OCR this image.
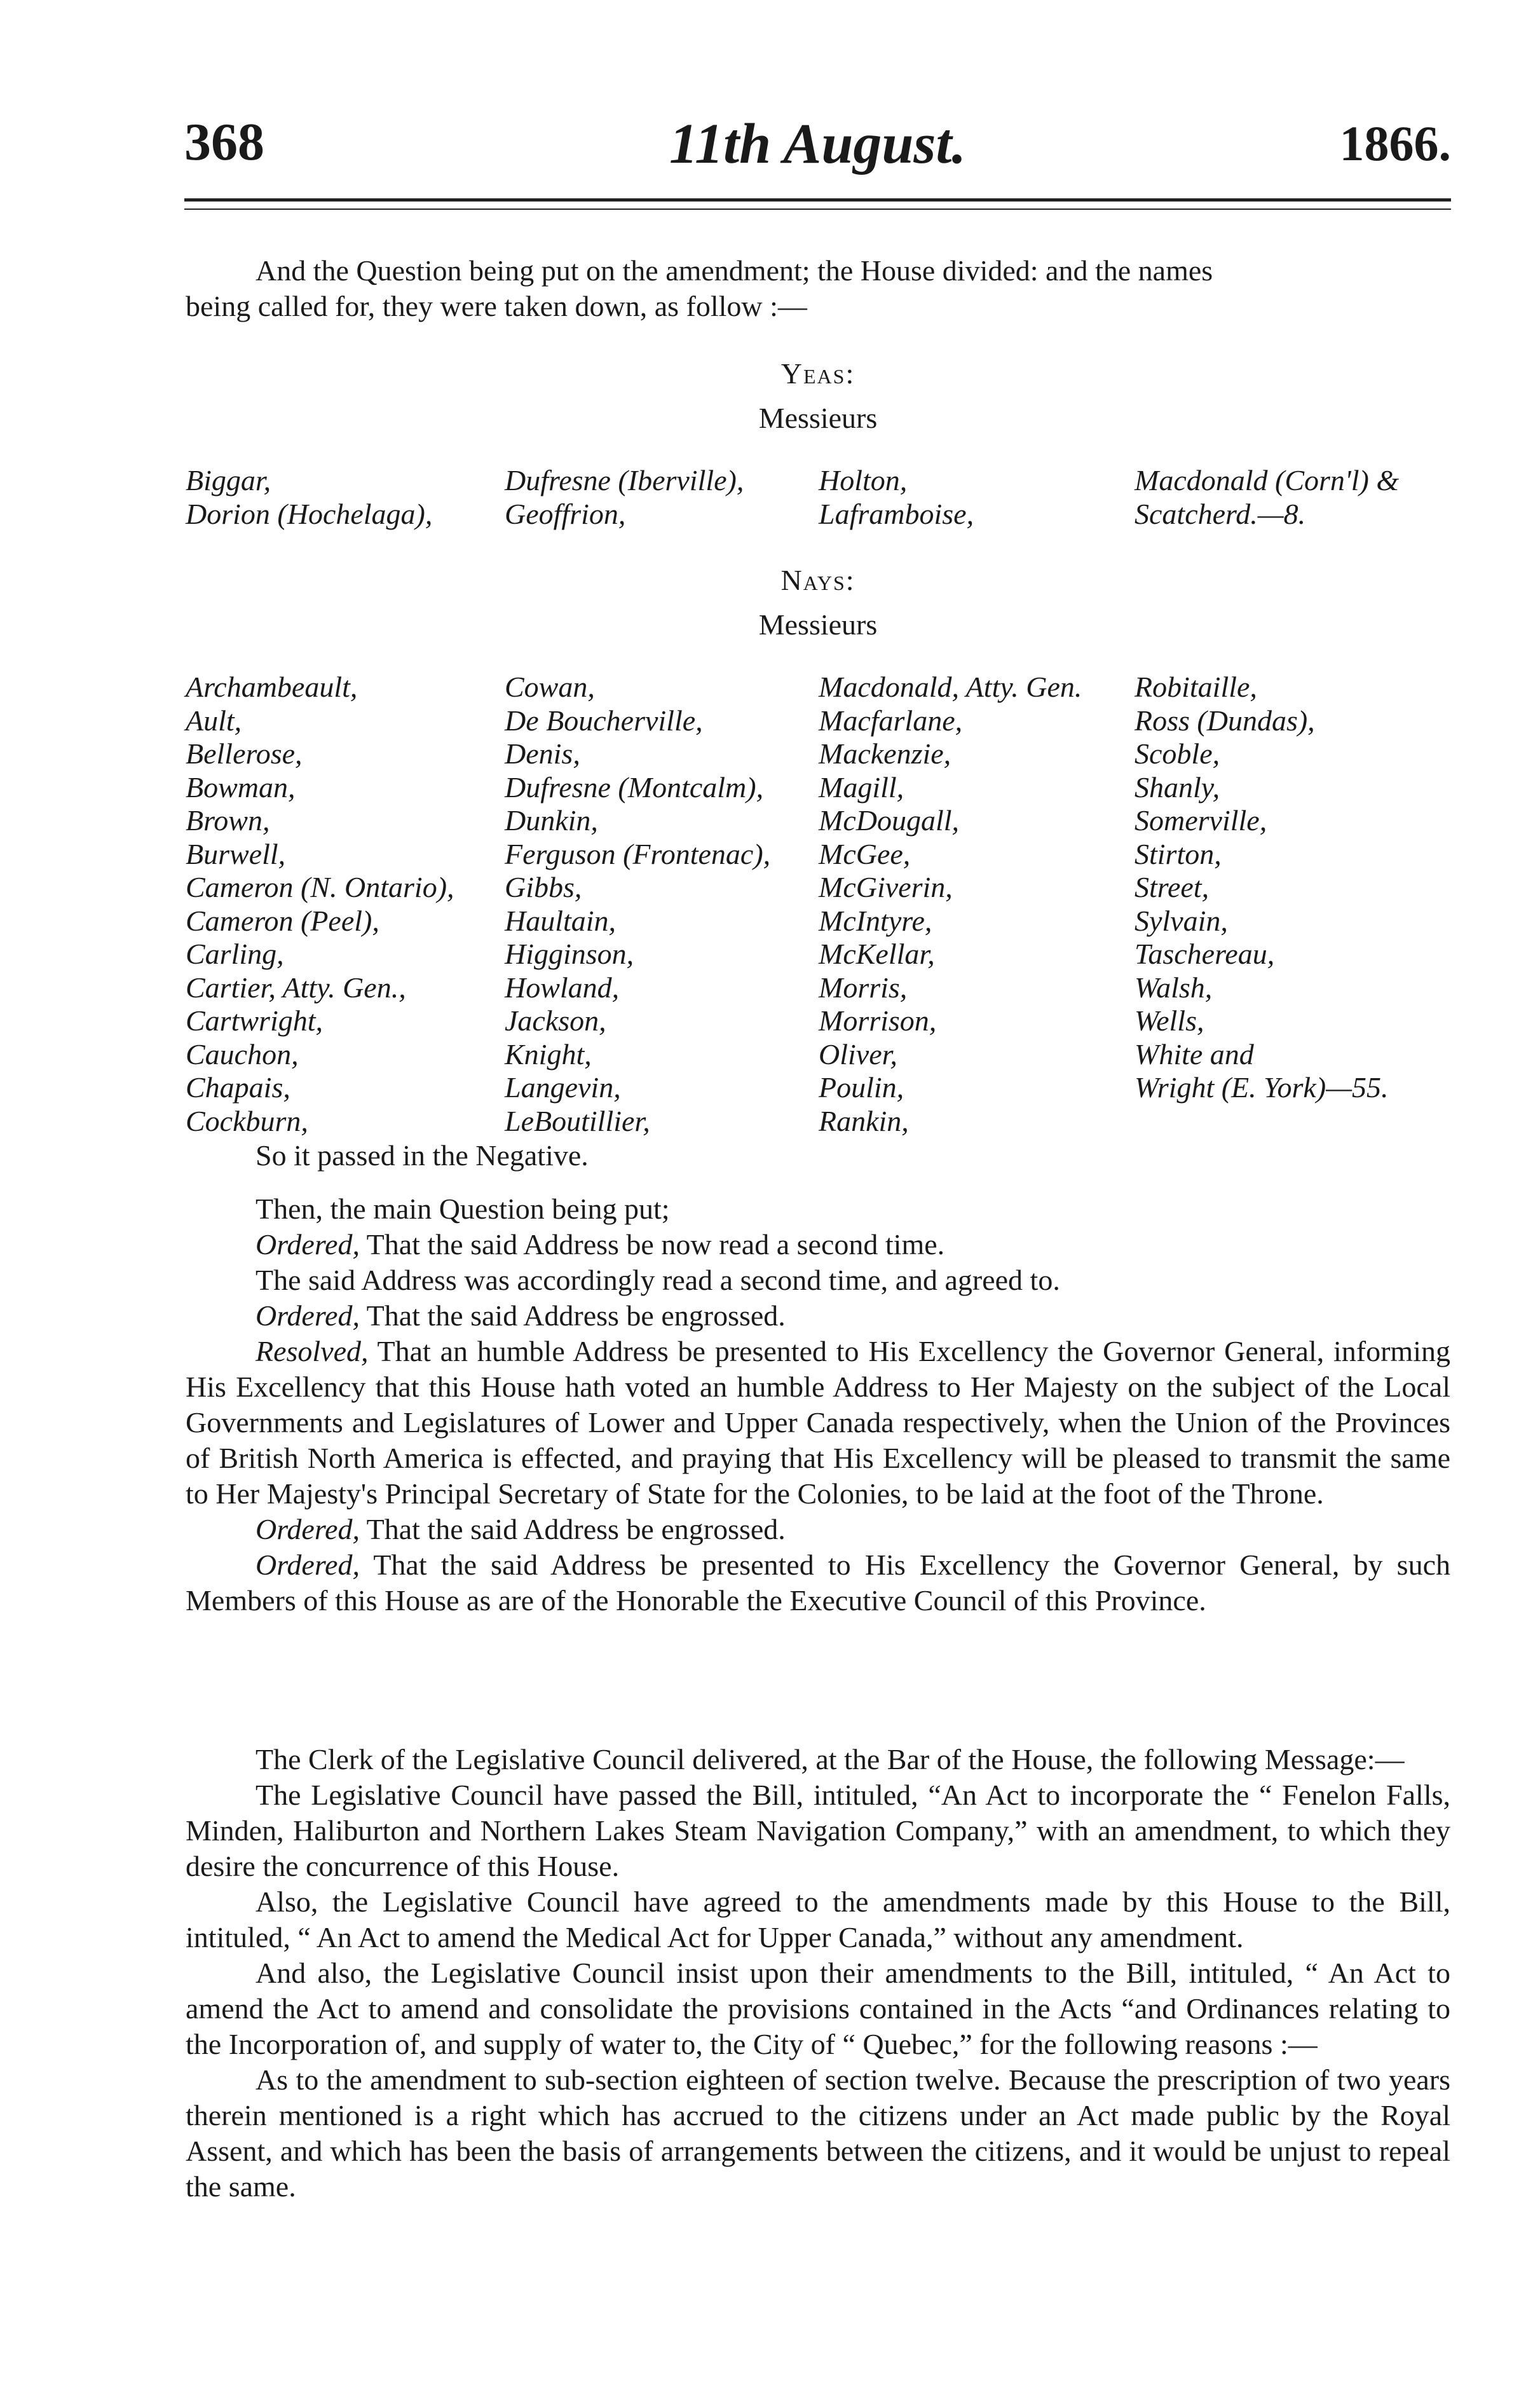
368	11th August.	1866.
And the Question being put on the amendment; the House divided: and the names
being called for, they were taken down, as follow :—
Yeas:
Messieurs
Biggar,
Dorion (Hochelaga),
Dufresne (Iberville),
Geoffrion,
Holton,
Laframboise,
Macdonald (Corn'l) &
Scatcherd.—8.
Nays:
Messieurs
Archambeault,
Ault,
Bellerose,
Bowman,
Brown,
Burwell,
Cameron (N. Ontario),
Cameron (Peel),
Carling,
Cartier, Atty. Gen.,
Cartwright,
Cauchon,
Chapais,
Cockburn,
Cowan,
De Boucherville,
Denis,
Dufresne (Montcalm),
Dunkin,
Ferguson (Frontenac),
Gibbs,
Haultain,
Higginson,
Howland,
Jackson,
Knight,
Langevin,
LeBoutillier,
Macdonald, Atty. Gen.
Macfarlane,
Mackenzie,
Magill,
McDougall,
McGee,
McGiverin,
McIntyre,
McKellar,
Morris,
Morrison,
Oliver,
Poulin,
Rankin,
Robitaille,
Ross (Dundas),
Scoble,
Shanly,
Somerville,
Stirton,
Street,
Sylvain,
Taschereau,
Walsh,
Wells,
White and
Wright (E. York)—55.
So it passed in the Negative.
Then, the main Question being put;
Ordered, That the said Address be now read a second time.
The said Address was accordingly read a second time, and agreed to.
Ordered, That the said Address be engrossed.

Resolved, That an humble Address be presented to His Excellency the Governor General, informing His Excellency that this House hath voted an humble Address to Her Majesty on the subject of the Local Governments and Legislatures of Lower and Upper Canada respectively, when the Union of the Provinces of British North America is effected, and praying that His Excellency will be pleased to transmit the same to Her Majesty's Principal Secretary of State for the Colonies, to be laid at the foot of the Throne.

Ordered, That the said Address be engrossed.

Ordered, That the said Address be presented to His Excellency the Governor General, by such Members of this House as are of the Honorable the Executive Council of this Province.

The Clerk of the Legislative Council delivered, at the Bar of the House, the following Message:—

The Legislative Council have passed the Bill, intituled, “An Act to incorporate the “ Fenelon Falls, Minden, Haliburton and Northern Lakes Steam Navigation Company,” with an amendment, to which they desire the concurrence of this House.

Also, the Legislative Council have agreed to the amendments made by this House to the Bill, intituled, “ An Act to amend the Medical Act for Upper Canada,” without any amendment.

And also, the Legislative Council insist upon their amendments to the Bill, intituled, “ An Act to amend the Act to amend and consolidate the provisions contained in the Acts “and Ordinances relating to the Incorporation of, and supply of water to, the City of “ Quebec,” for the following reasons :—

As to the amendment to sub-section eighteen of section twelve. Because the prescription of two years therein mentioned is a right which has accrued to the citizens under an Act made public by the Royal Assent, and which has been the basis of arrangements between the citizens, and it would be unjust to repeal the same.
